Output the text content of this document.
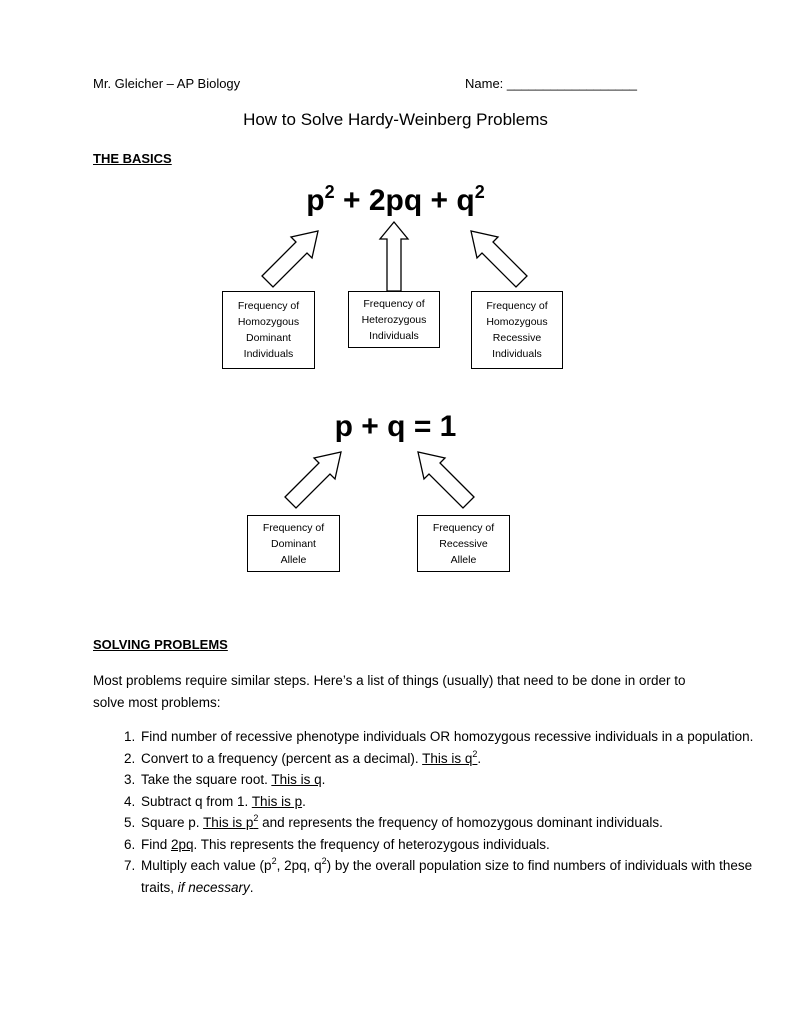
Mr. Gleicher – AP Biology	Name: __________________
How to Solve Hardy-Weinberg Problems
THE BASICS
$p^2 + 2pq + q^2$
Frequency of
Homozygous
Dominant
Individuals
Frequency of
Heterozygous
Individuals
Frequency of
Homozygous
Recessive
Individuals
p + q = 1
Frequency of
Dominant
Allele
Frequency of
Recessive
Allele
SOLVING PROBLEMS
Most problems require similar steps. Here’s a list of things (usually) that need to be done in order to solve most problems:
1. Find number of recessive phenotype individuals OR homozygous recessive individuals in a population.
2. Convert to a frequency (percent as a decimal). This is $q^2$.
3. Take the square root. This is q.
4. Subtract q from 1. This is p.
5. Square p. This is $p^2$ and represents the frequency of homozygous dominant individuals.
6. Find 2pq. This represents the frequency of heterozygous individuals.
7. Multiply each value ($p^2$, 2pq, $q^2$) by the overall population size to find numbers of individuals with these traits, if necessary.
